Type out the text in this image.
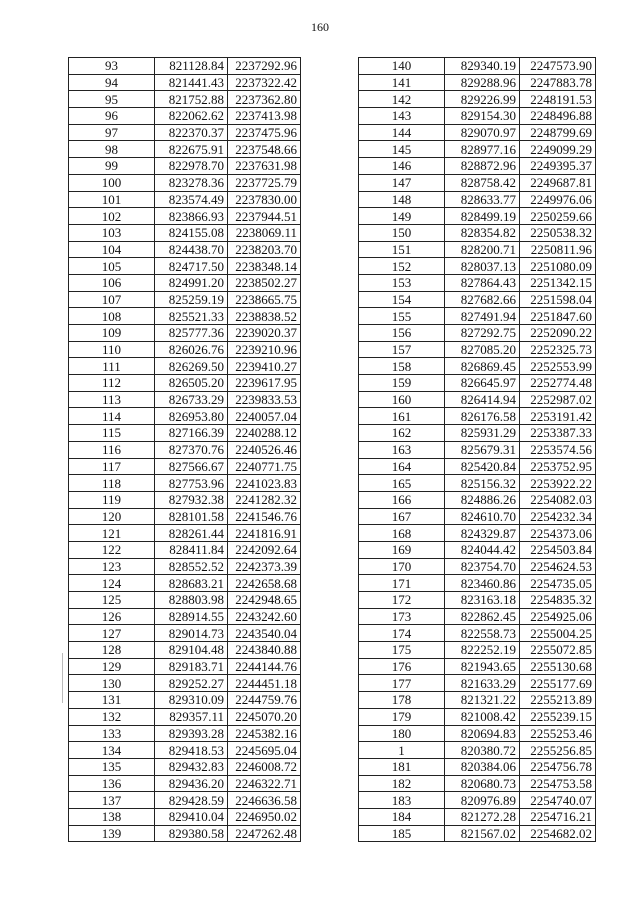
160
93	821128.84	2237292.96
94	821441.43	2237322.42
95	821752.88	2237362.80
96	822062.62	2237413.98
97	822370.37	2237475.96
98	822675.91	2237548.66
99	822978.70	2237631.98
100	823278.36	2237725.79
101	823574.49	2237830.00
102	823866.93	2237944.51
103	824155.08	2238069.11
104	824438.70	2238203.70
105	824717.50	2238348.14
106	824991.20	2238502.27
107	825259.19	2238665.75
108	825521.33	2238838.52
109	825777.36	2239020.37
110	826026.76	2239210.96
111	826269.50	2239410.27
112	826505.20	2239617.95
113	826733.29	2239833.53
114	826953.80	2240057.04
115	827166.39	2240288.12
116	827370.76	2240526.46
117	827566.67	2240771.75
118	827753.96	2241023.83
119	827932.38	2241282.32
120	828101.58	2241546.76
121	828261.44	2241816.91
122	828411.84	2242092.64
123	828552.52	2242373.39
124	828683.21	2242658.68
125	828803.98	2242948.65
126	828914.55	2243242.60
127	829014.73	2243540.04
128	829104.48	2243840.88
129	829183.71	2244144.76
130	829252.27	2244451.18
131	829310.09	2244759.76
132	829357.11	2245070.20
133	829393.28	2245382.16
134	829418.53	2245695.04
135	829432.83	2246008.72
136	829436.20	2246322.71
137	829428.59	2246636.58
138	829410.04	2246950.02
139	829380.58	2247262.48
140	829340.19	2247573.90
141	829288.96	2247883.78
142	829226.99	2248191.53
143	829154.30	2248496.88
144	829070.97	2248799.69
145	828977.16	2249099.29
146	828872.96	2249395.37
147	828758.42	2249687.81
148	828633.77	2249976.06
149	828499.19	2250259.66
150	828354.82	2250538.32
151	828200.71	2250811.96
152	828037.13	2251080.09
153	827864.43	2251342.15
154	827682.66	2251598.04
155	827491.94	2251847.60
156	827292.75	2252090.22
157	827085.20	2252325.73
158	826869.45	2252553.99
159	826645.97	2252774.48
160	826414.94	2252987.02
161	826176.58	2253191.42
162	825931.29	2253387.33
163	825679.31	2253574.56
164	825420.84	2253752.95
165	825156.32	2253922.22
166	824886.26	2254082.03
167	824610.70	2254232.34
168	824329.87	2254373.06
169	824044.42	2254503.84
170	823754.70	2254624.53
171	823460.86	2254735.05
172	823163.18	2254835.32
173	822862.45	2254925.06
174	822558.73	2255004.25
175	822252.19	2255072.85
176	821943.65	2255130.68
177	821633.29	2255177.69
178	821321.22	2255213.89
179	821008.42	2255239.15
180	820694.83	2255253.46
1	820380.72	2255256.85
181	820384.06	2254756.78
182	820680.73	2254753.58
183	820976.89	2254740.07
184	821272.28	2254716.21
185	821567.02	2254682.02
